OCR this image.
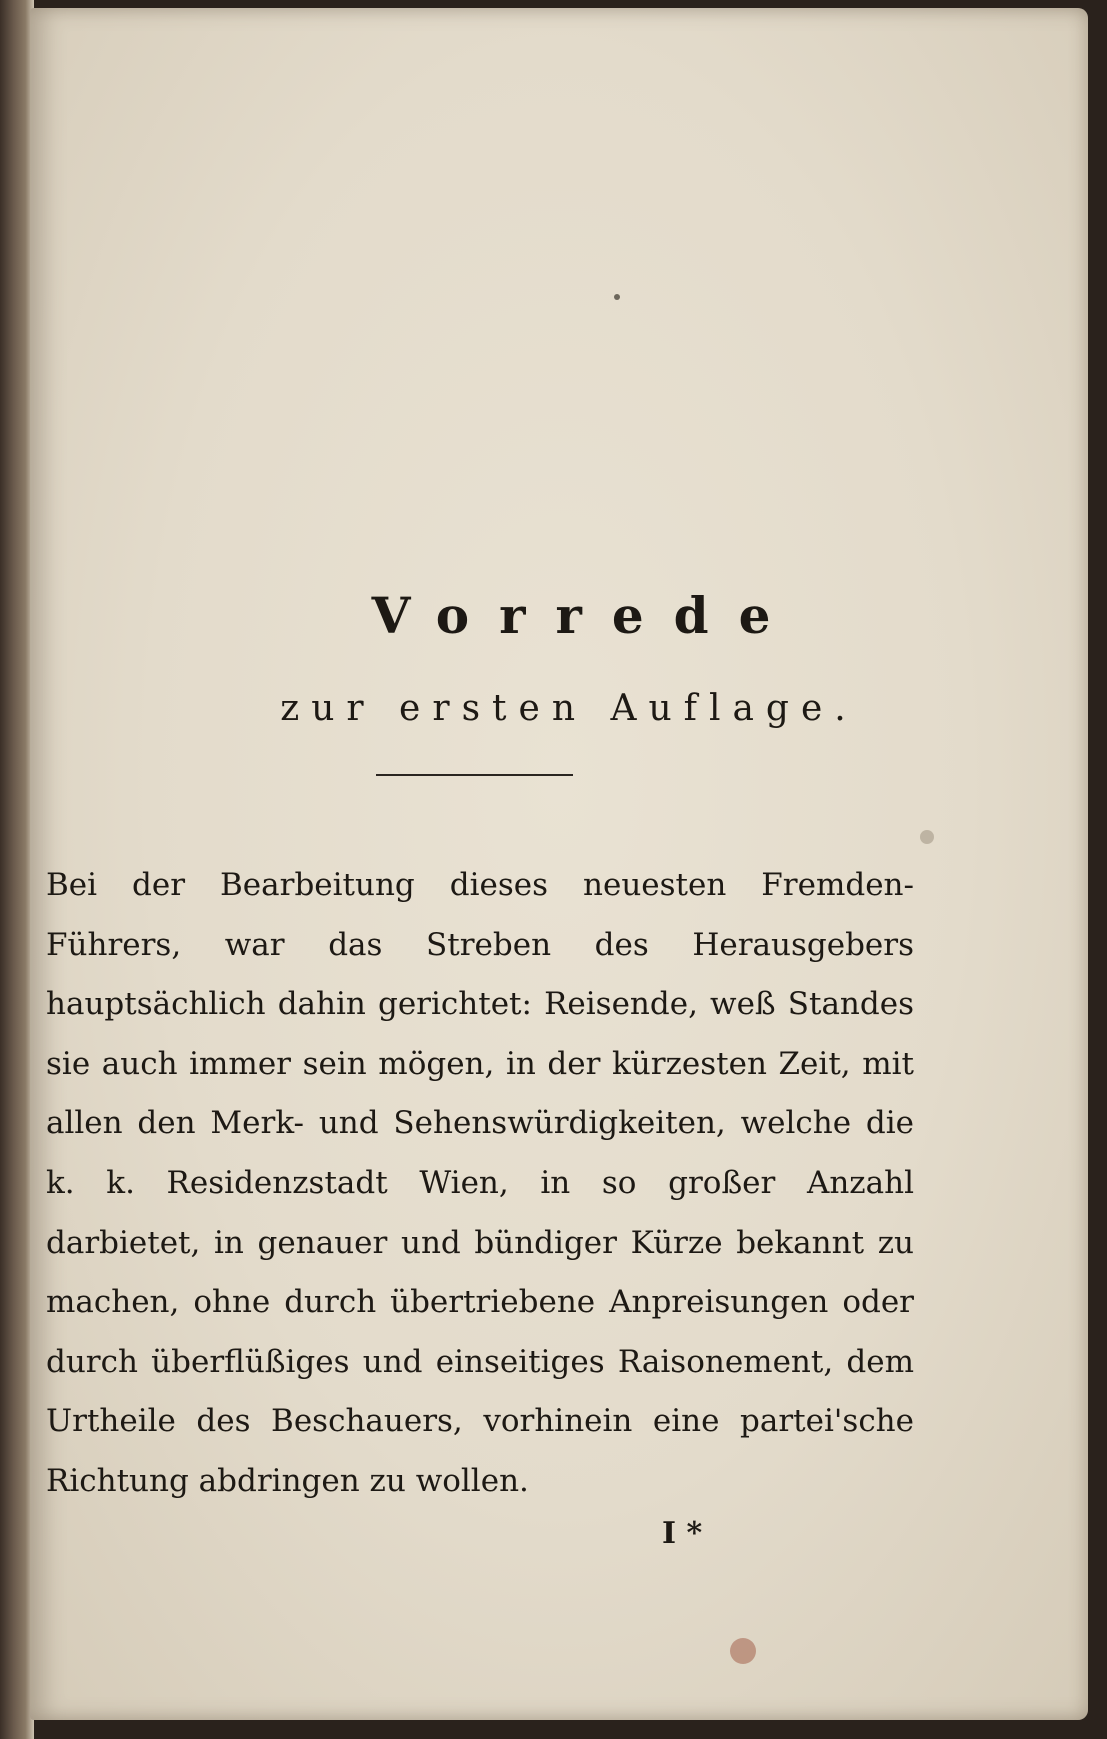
Vorrede
zur ersten Auflage.

Bei der Bearbeitung dieses neuesten Fremden-Führers, war das Streben des Herausgebers hauptsächlich dahin gerichtet: Reisende, weß Standes sie auch immer sein mögen, in der kürzesten Zeit, mit allen den Merk- und Sehenswürdigkeiten, welche die k. k. Residenzstadt Wien, in so großer Anzahl darbietet, in genauer und bündiger Kürze bekannt zu machen, ohne durch übertriebene Anpreisungen oder durch überflüßiges und einseitiges Raisonement, dem Urtheile des Beschauers, vorhinein eine partei'sche Richtung abdringen zu wollen.

I *
